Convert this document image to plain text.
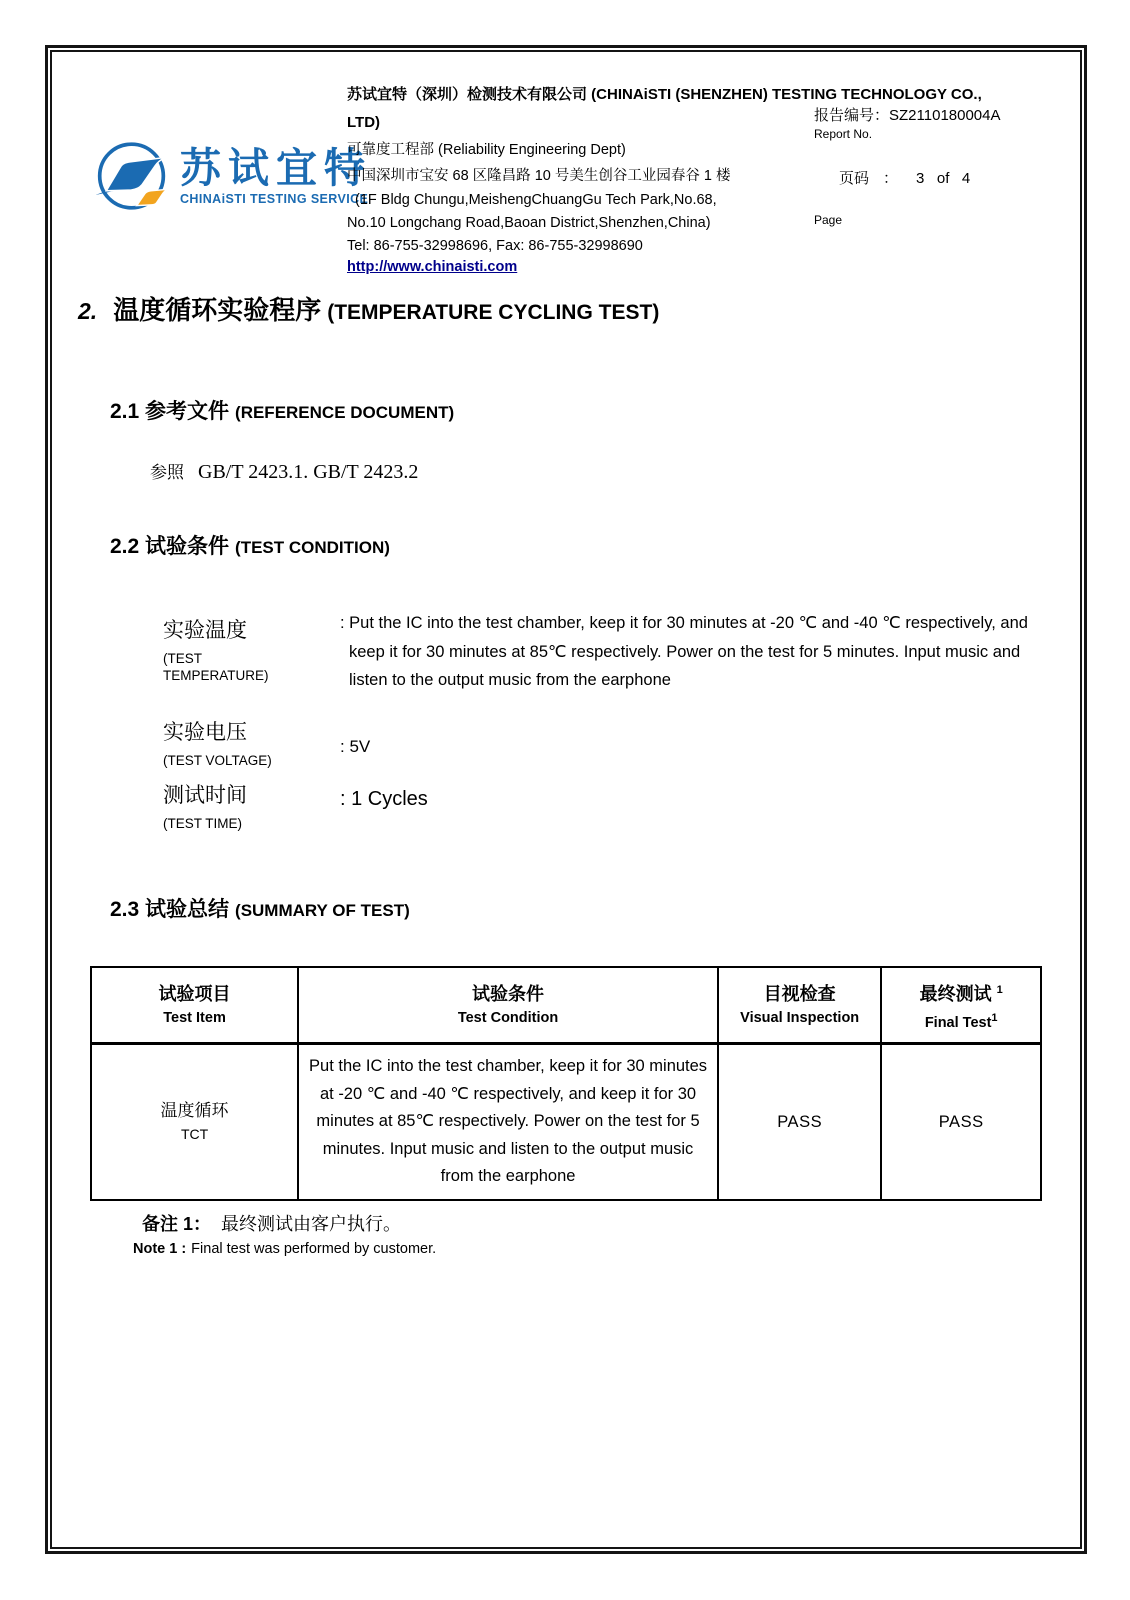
苏试宜特
CHINAiSTI TESTING SERVICE
苏试宜特（深圳）检测技术有限公司 (CHINAiSTI (SHENZHEN) TESTING TECHNOLOGY CO.,
LTD)
可靠度工程部 (Reliability Engineering Dept)
中国深圳市宝安 68 区隆昌路 10 号美生创谷工业园春谷 1 楼
(1F Bldg Chungu,MeishengChuangGu Tech Park,No.68,
No.10 Longchang Road,Baoan District,Shenzhen,China)
Tel: 86-755-32998696, Fax: 86-755-32998690
http://www.chinaisti.com
报告编号：SZ2110180004A
Report No.

页码 ： 3   of   4

Page
2. 温度循环实验程序 (TEMPERATURE CYCLING TEST)
2.1 参考文件 (REFERENCE DOCUMENT)
参照 GB/T 2423.1. GB/T 2423.2
2.2 试验条件 (TEST CONDITION)
实验温度
(TEST TEMPERATURE)
: Put the IC into the test chamber, keep it for 30 minutes at -20 ℃ and -40 ℃ respectively, and keep it for 30 minutes at 85℃ respectively. Power on the test for 5 minutes. Input music and listen to the output music from the earphone
实验电压
(TEST VOLTAGE)
: 5V
测试时间
(TEST TIME)
: 1 Cycles
2.3 试验总结 (SUMMARY OF TEST)
试验项目
Test Item	试验条件
Test Condition	目视检查
Visual Inspection	最终测试 $^1$
Final Test$^1$

温度循环
TCT	Put the IC into the test chamber, keep it for 30 minutes at -20 ℃ and -40 ℃ respectively, and keep it for 30 minutes at 85℃ respectively. Power on the test for 5 minutes. Input music and listen to the output music from the earphone	PASS	PASS
备注 1： 最终测试由客户执行。
Note 1 : Final test was performed by customer.
